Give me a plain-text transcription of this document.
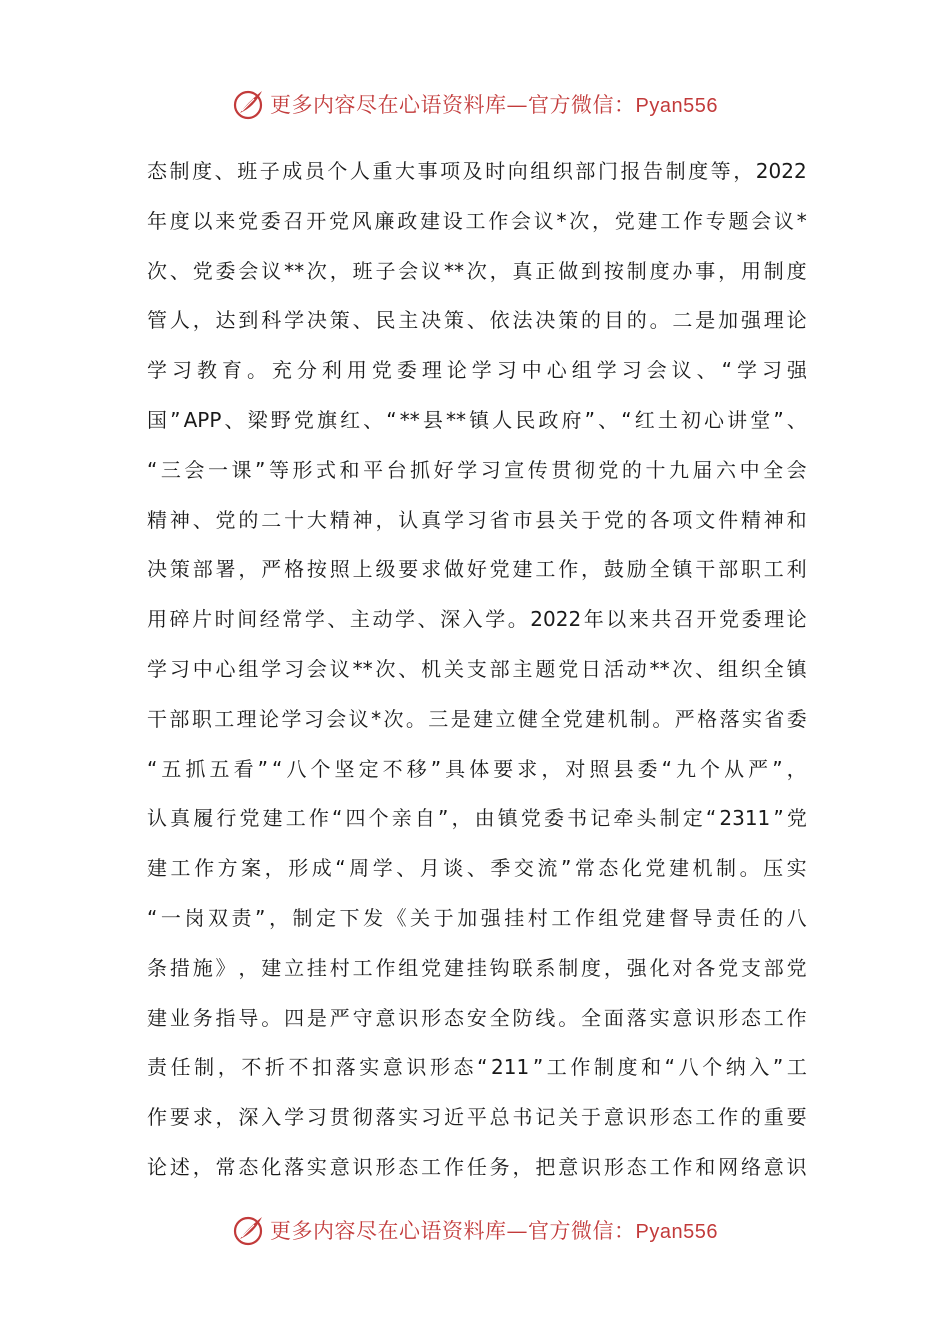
更多内容尽在心语资料库—官方微信：Pyan556
态 制 度 、 班 子 成 员 个 人 重 大 事 项 及 时 向 组 织 部 门 报 告 制 度 等 ， 2022
年 度 以 来 党 委 召 开 党 风 廉 政 建 设 工 作 会 议 * 次 ， 党 建 工 作 专 题 会 议 *
次 、 党 委 会 议 ** 次 ， 班 子 会 议 ** 次 ， 真 正 做 到 按 制 度 办 事 ， 用 制 度
管 人 ， 达 到 科 学 决 策 、 民 主 决 策 、 依 法 决 策 的 目 的 。 二 是 加 强 理 论
学 习 教 育 。 充 分 利 用 党 委 理 论 学 习 中 心 组 学 习 会 议 、 “ 学 习 强
国 ” APP 、 梁 野 党 旗 红 、 “ ** 县 ** 镇 人 民 政 府 ” 、 “ 红 土 初 心 讲 堂 ” 、
“ 三 会 一 课 ” 等 形 式 和 平 台 抓 好 学 习 宣 传 贯 彻 党 的 十 九 届 六 中 全 会
精 神 、 党 的 二 十 大 精 神 ， 认 真 学 习 省 市 县 关 于 党 的 各 项 文 件 精 神 和
决 策 部 署 ， 严 格 按 照 上 级 要 求 做 好 党 建 工 作 ， 鼓 励 全 镇 干 部 职 工 利
用 碎 片 时 间 经 常 学 、 主 动 学 、 深 入 学 。 2022 年 以 来 共 召 开 党 委 理 论
学 习 中 心 组 学 习 会 议 ** 次 、 机 关 支 部 主 题 党 日 活 动 ** 次 、 组 织 全 镇
干 部 职 工 理 论 学 习 会 议 * 次 。 三 是 建 立 健 全 党 建 机 制 。 严 格 落 实 省 委
“ 五 抓 五 看 ” “ 八 个 坚 定 不 移 ” 具 体 要 求 ， 对 照 县 委 “ 九 个 从 严 ” ，
认 真 履 行 党 建 工 作 “ 四 个 亲 自 ” ， 由 镇 党 委 书 记 牵 头 制 定 “ 2311 ” 党
建 工 作 方 案 ， 形 成 “ 周 学 、 月 谈 、 季 交 流 ” 常 态 化 党 建 机 制 。 压 实
“ 一 岗 双 责 ” ， 制 定 下 发 《 关 于 加 强 挂 村 工 作 组 党 建 督 导 责 任 的 八
条 措 施 》 ， 建 立 挂 村 工 作 组 党 建 挂 钩 联 系 制 度 ， 强 化 对 各 党 支 部 党
建 业 务 指 导 。 四 是 严 守 意 识 形 态 安 全 防 线 。 全 面 落 实 意 识 形 态 工 作
责 任 制 ， 不 折 不 扣 落 实 意 识 形 态 “ 211 ” 工 作 制 度 和 “ 八 个 纳 入 ” 工
作 要 求 ， 深 入 学 习 贯 彻 落 实 习 近 平 总 书 记 关 于 意 识 形 态 工 作 的 重 要
论 述 ， 常 态 化 落 实 意 识 形 态 工 作 任 务 ， 把 意 识 形 态 工 作 和 网 络 意 识
更多内容尽在心语资料库—官方微信：Pyan556
